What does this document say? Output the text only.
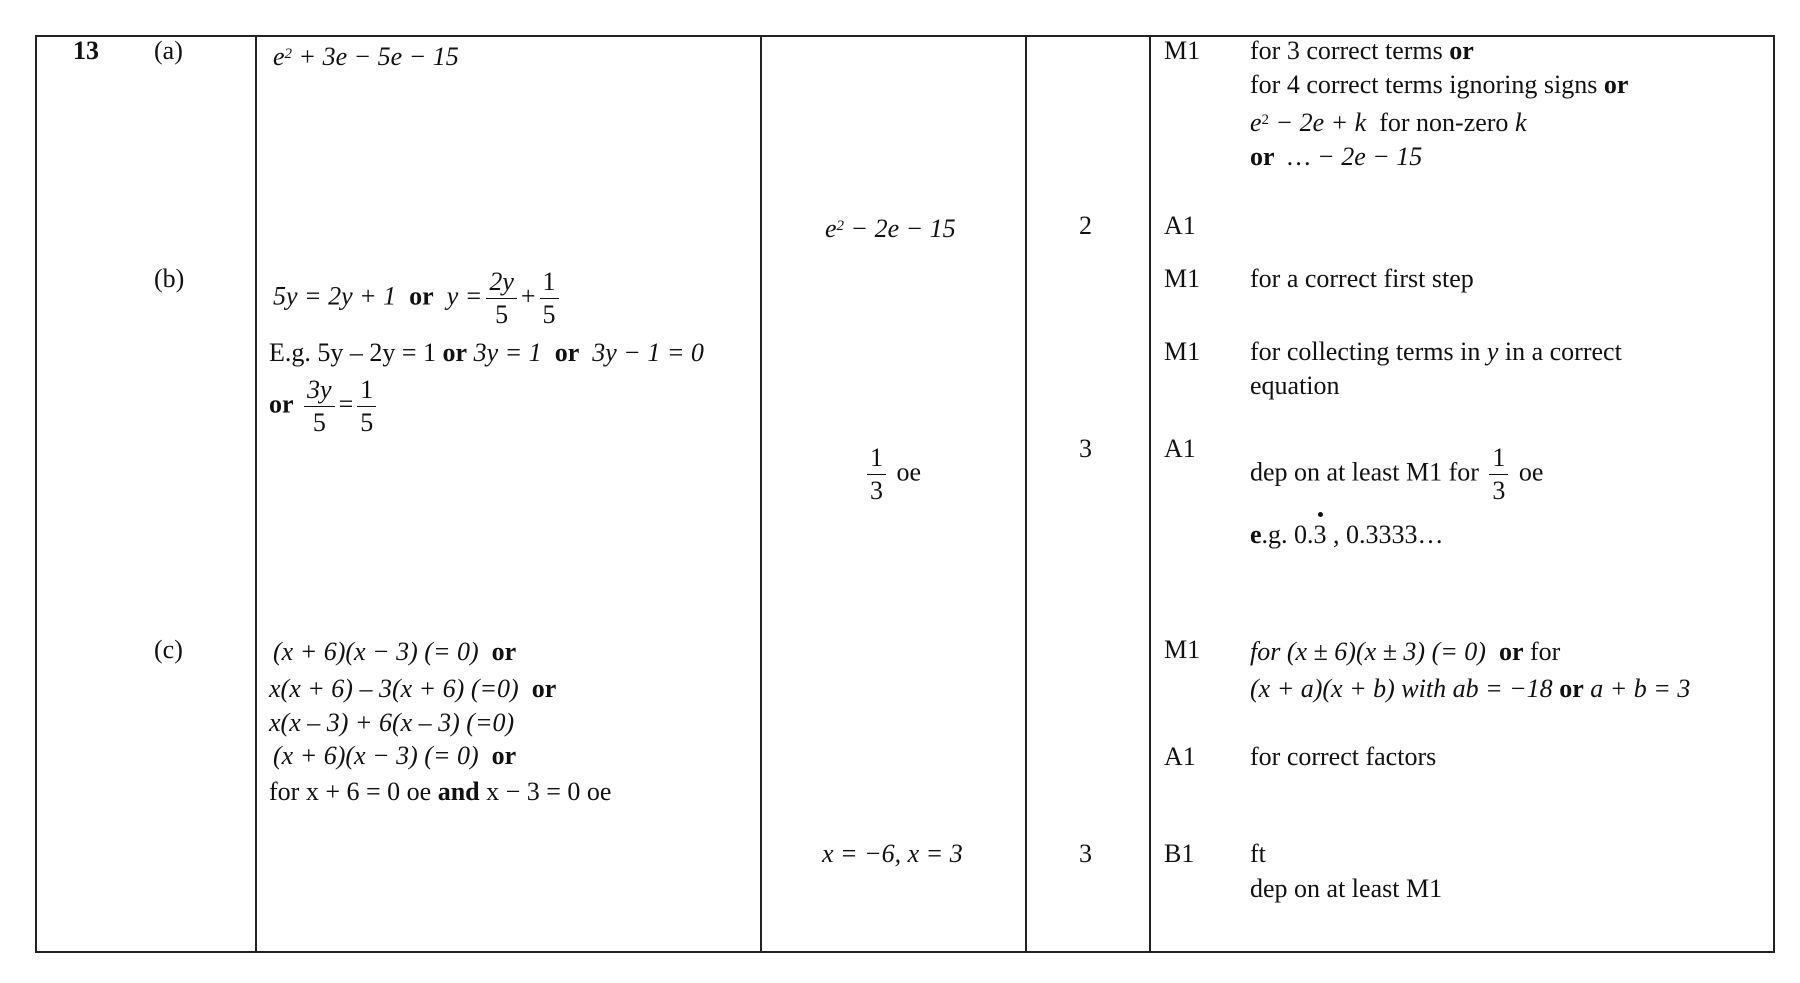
13 (a)
(b)
(c)
$e^2 + 3e - 5e - 15$
$e^2 - 2e - 15$	2
M1 for 3 correct terms or
for 4 correct terms ignoring signs or
$e^2 - 2e + k$ for non-zero k
or … − 2e − 15
A1
5y = 2y + 1 or $y = \frac{2y}{5} + \frac{1}{5}$
E.g. 5y – 2y = 1 or 3y = 1 or 3y − 1 = 0
or $\frac{3y}{5} = \frac{1}{5}$
$\frac{1}{3}$ oe
3
M1 for a correct first step
M1 for collecting terms in y in a correct
equation
A1
dep on at least M1 for $\frac{1}{3}$ oe
e.g. 0.3 , 0.3333…
(x + 6)(x − 3) (= 0) or
x(x + 6) – 3(x + 6) (=0) or
x(x – 3) + 6(x – 3) (=0)
(x + 6)(x − 3) (= 0) or
for x + 6 = 0 oe and x − 3 = 0 oe
x = −6, x = 3	3
M1 for (x ± 6)(x ± 3) (= 0) or for
(x + a)(x + b) with ab = −18 or a + b = 3
A1 for correct factors
B1 ft
dep on at least M1
